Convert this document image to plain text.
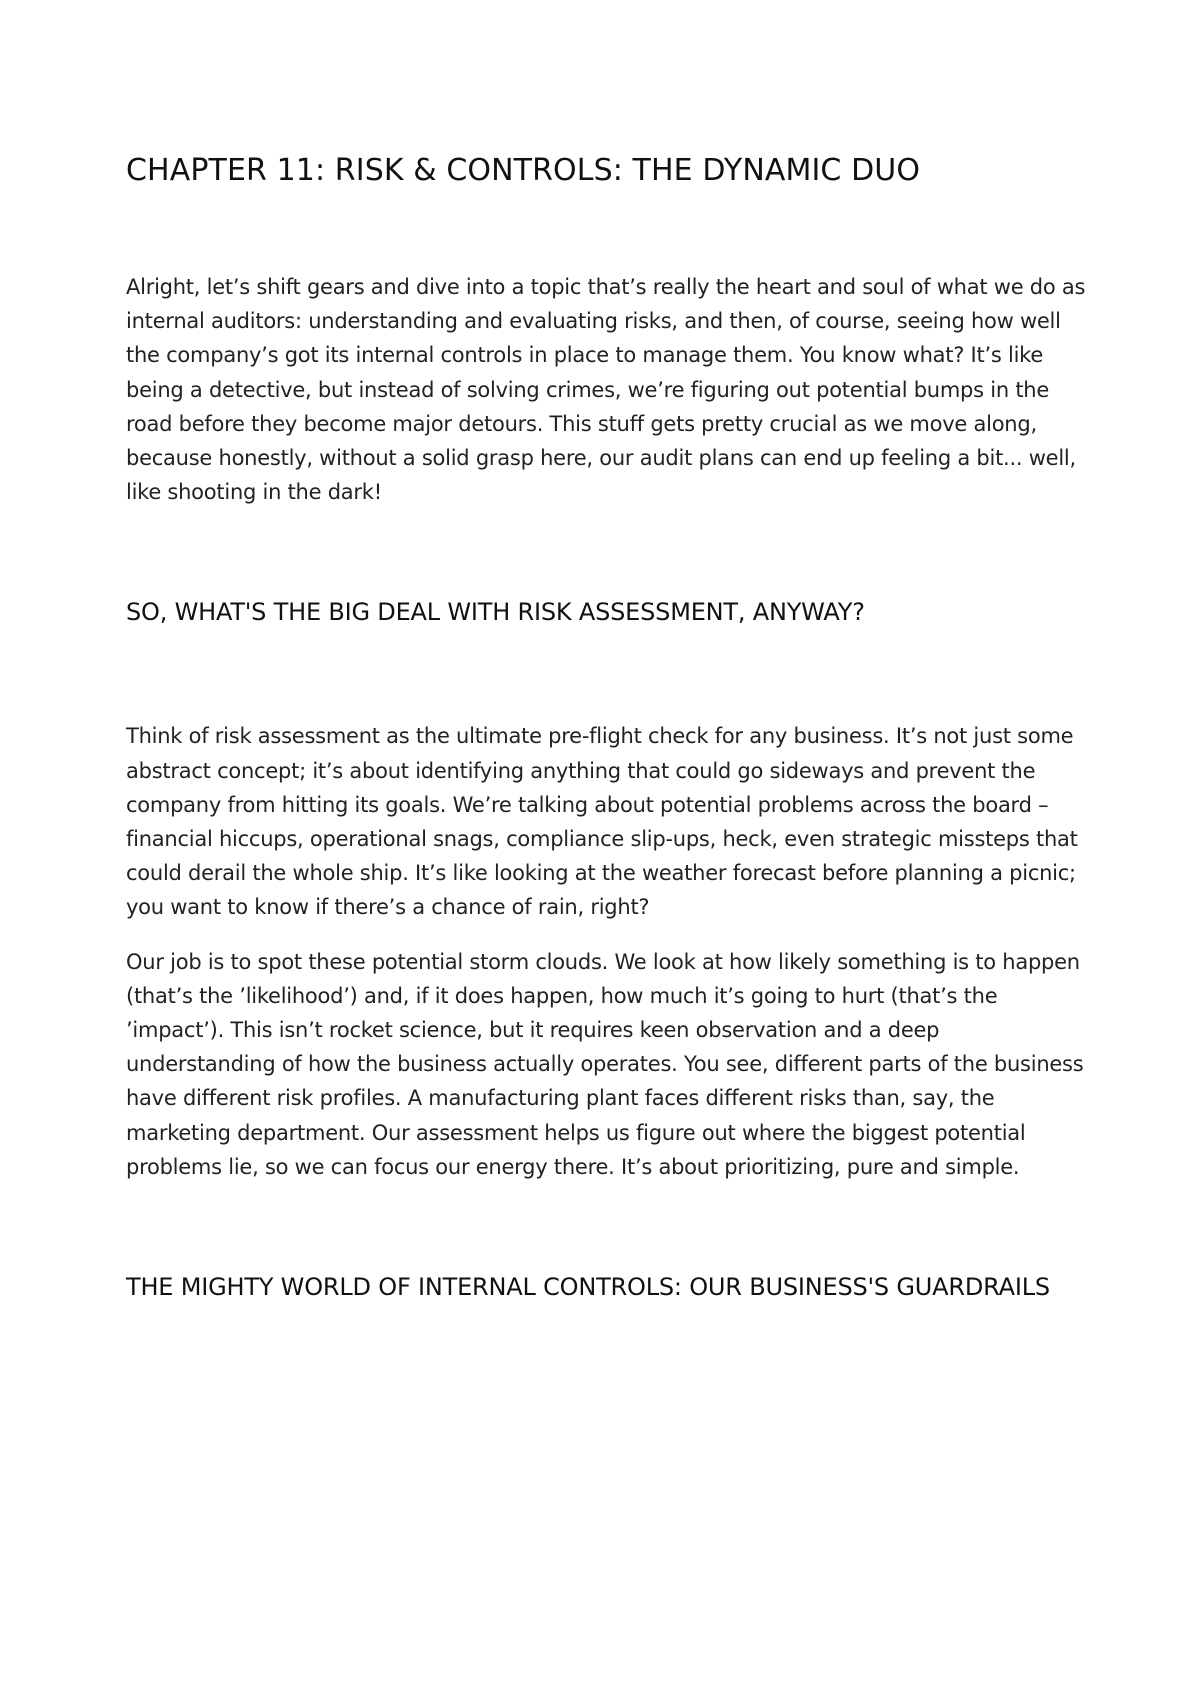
CHAPTER 11: RISK & CONTROLS: THE DYNAMIC DUO

Alright, let’s shift gears and dive into a topic that’s really the heart and soul of what we do as internal auditors: understanding and evaluating risks, and then, of course, seeing how well the company’s got its internal controls in place to manage them. You know what? It’s like being a detective, but instead of solving crimes, we’re figuring out potential bumps in the road before they become major detours. This stuff gets pretty crucial as we move along, because honestly, without a solid grasp here, our audit plans can end up feeling a bit... well, like shooting in the dark!

SO, WHAT'S THE BIG DEAL WITH RISK ASSESSMENT, ANYWAY?

Think of risk assessment as the ultimate pre-flight check for any business. It’s not just some abstract concept; it’s about identifying anything that could go sideways and prevent the company from hitting its goals. We’re talking about potential problems across the board – financial hiccups, operational snags, compliance slip-ups, heck, even strategic missteps that could derail the whole ship. It’s like looking at the weather forecast before planning a picnic; you want to know if there’s a chance of rain, right?

Our job is to spot these potential storm clouds. We look at how likely something is to happen (that’s the ’likelihood’) and, if it does happen, how much it’s going to hurt (that’s the ’impact’). This isn’t rocket science, but it requires keen observation and a deep understanding of how the business actually operates. You see, different parts of the business have different risk profiles. A manufacturing plant faces different risks than, say, the marketing department. Our assessment helps us figure out where the biggest potential problems lie, so we can focus our energy there. It’s about prioritizing, pure and simple.

THE MIGHTY WORLD OF INTERNAL CONTROLS: OUR BUSINESS'S GUARDRAILS
